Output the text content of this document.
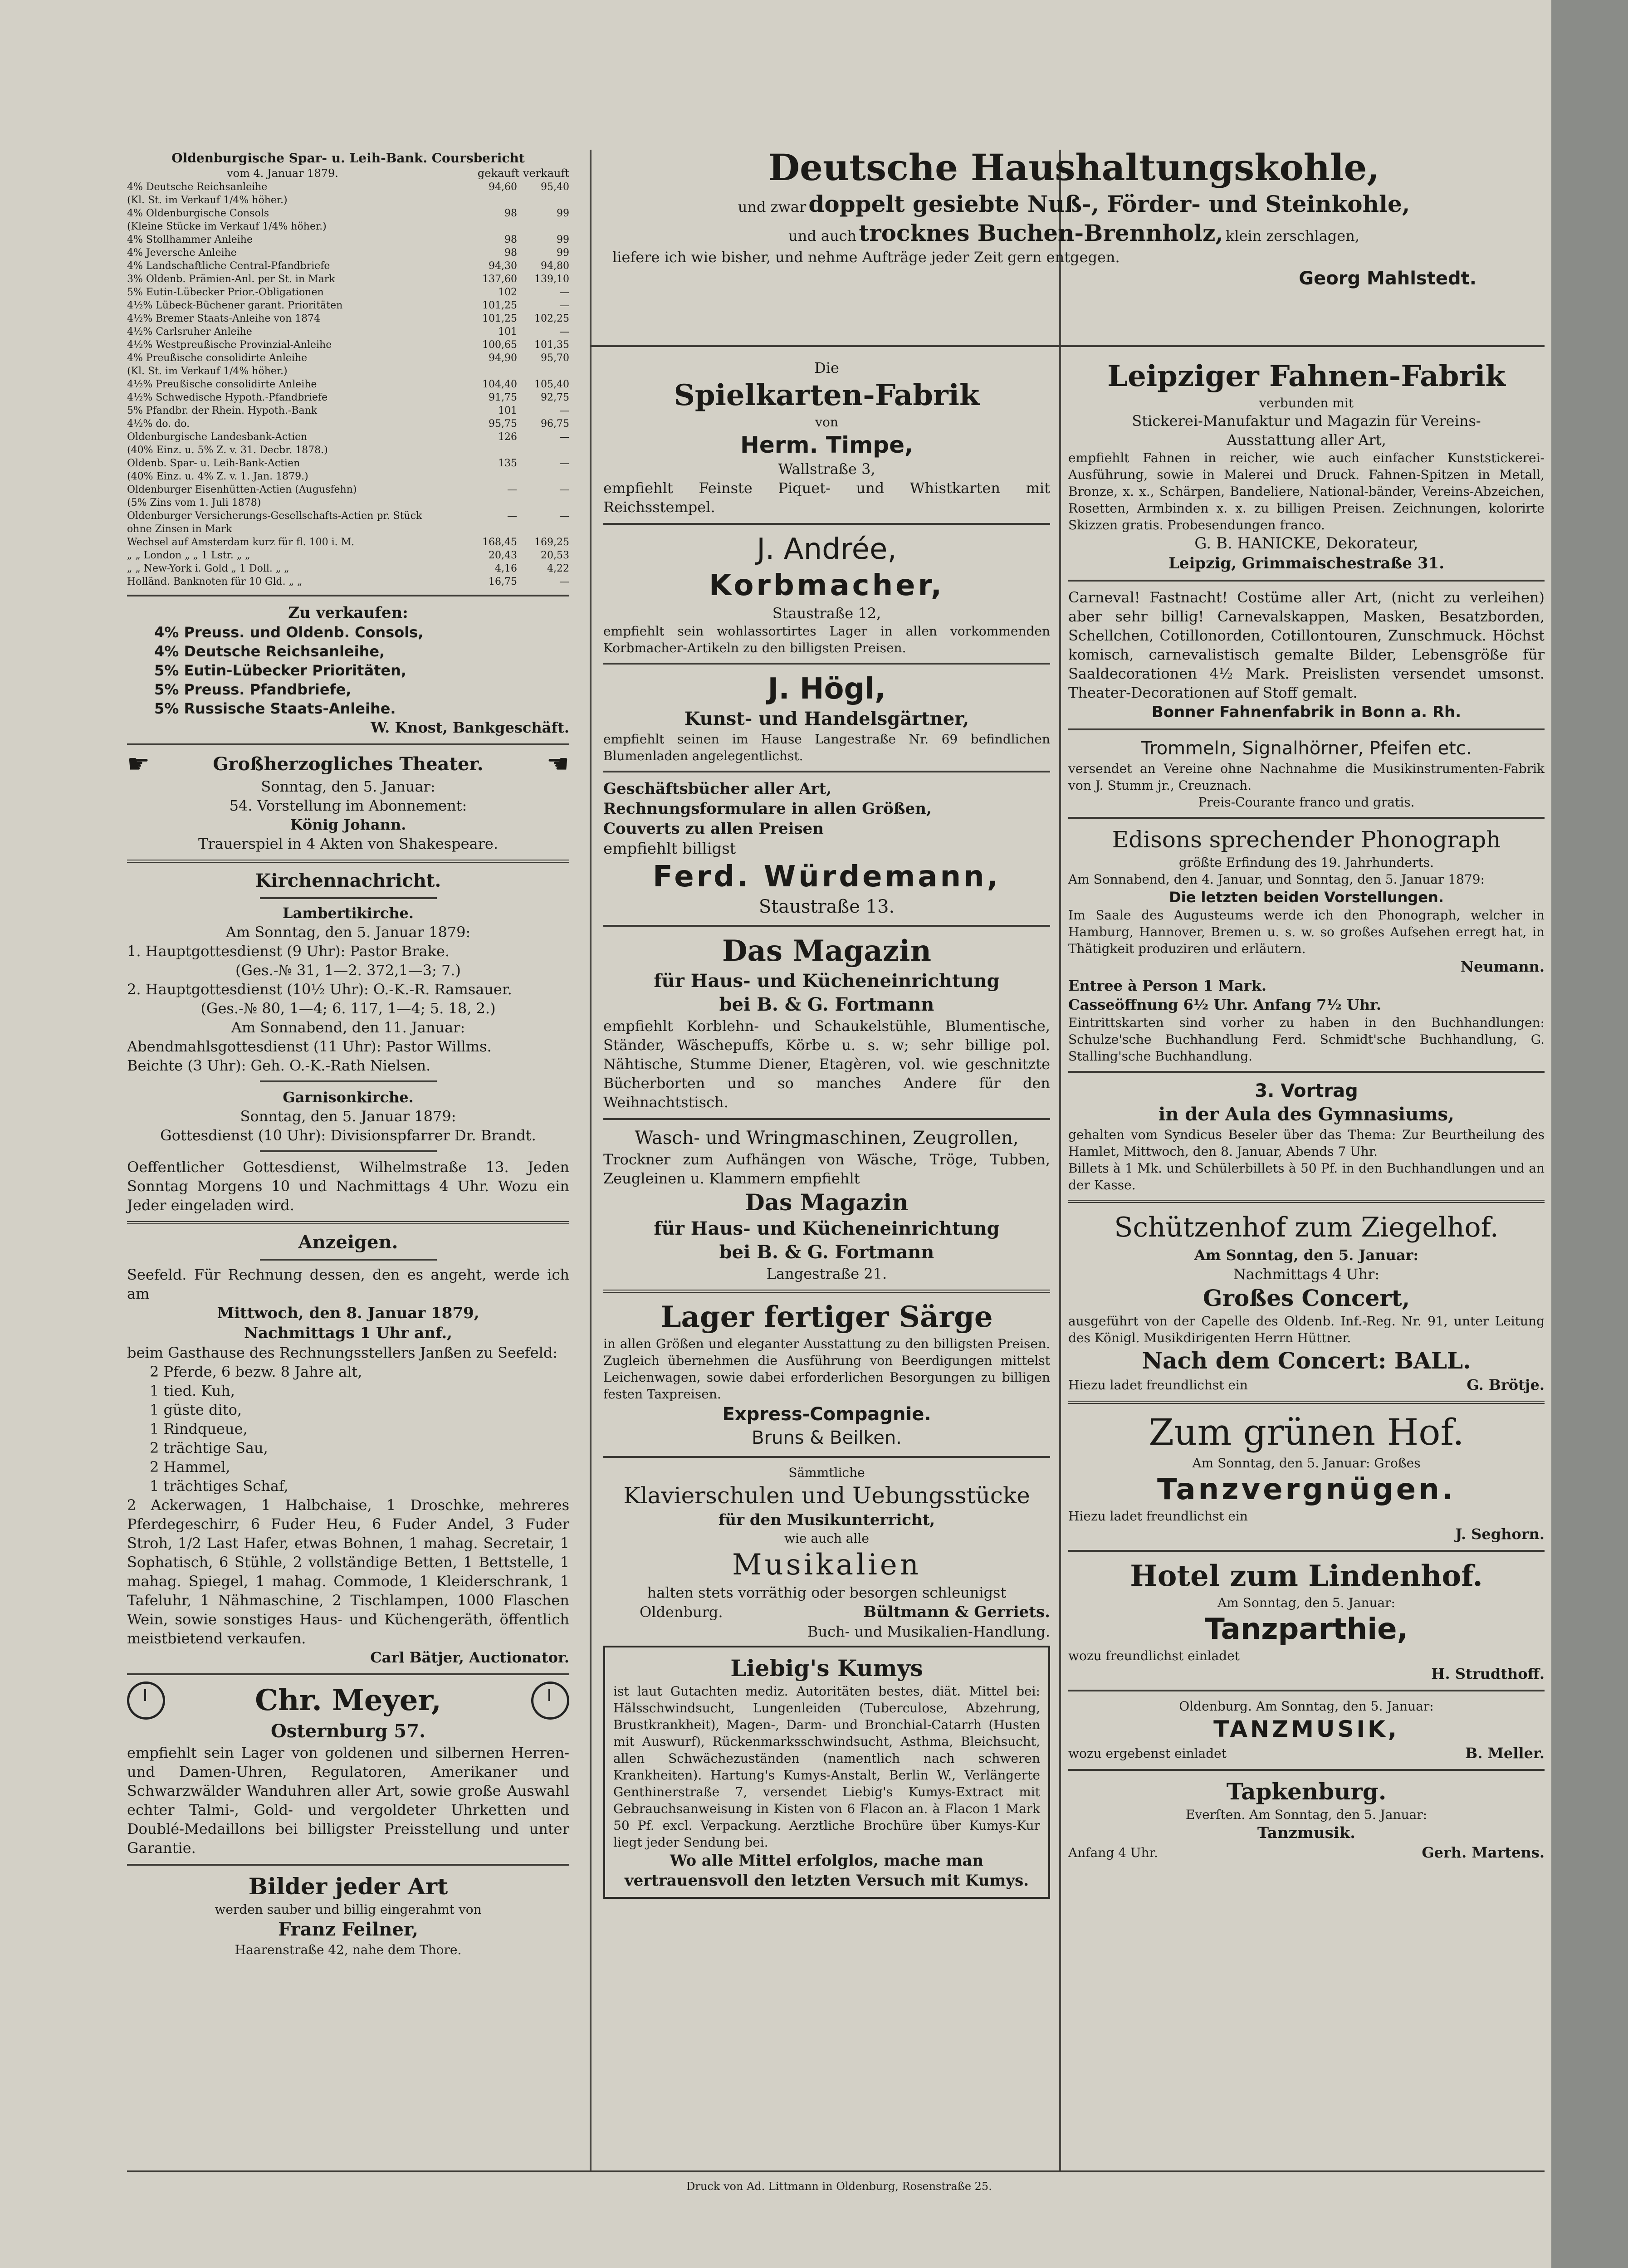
Oldenburgische Spar- u. Leih-Bank. Coursbericht

vom 4. Januar 1879.	gekauft verkauft
4% Deutsche Reichsanleihe	94,60	95,40
(Kl. St. im Verkauf 1/4% höher.)		
4% Oldenburgische Consols	98	99
(Kleine Stücke im Verkauf 1/4% höher.)		
4% Stollhammer Anleihe	98	99
4% Jeversche Anleihe	98	99
4% Landschaftliche Central-Pfandbriefe	94,30	94,80
3% Oldenb. Prämien-Anl. per St. in Mark	137,60	139,10
5% Eutin-Lübecker Prior.-Obligationen	102	—
4½% Lübeck-Büchener garant. Prioritäten	101,25	—
4½% Bremer Staats-Anleihe von 1874	101,25	102,25
4½% Carlsruher Anleihe	101	—
4½% Westpreußische Provinzial-Anleihe	100,65	101,35
4% Preußische consolidirte Anleihe	94,90	95,70
(Kl. St. im Verkauf 1/4% höher.)		
4½% Preußische consolidirte Anleihe	104,40	105,40
4½% Schwedische Hypoth.-Pfandbriefe	91,75	92,75
5% Pfandbr. der Rhein. Hypoth.-Bank	101	—
4½% do. do.	95,75	96,75
Oldenburgische Landesbank-Actien	126	—
(40% Einz. u. 5% Z. v. 31. Decbr. 1878.)		
Oldenb. Spar- u. Leih-Bank-Actien	135	—
(40% Einz. u. 4% Z. v. 1. Jan. 1879.)		
Oldenburger Eisenhütten-Actien (Augusfehn)	—	—
(5% Zins vom 1. Juli 1878)		
Oldenburger Versicherungs-Gesellschafts-Actien pr. Stück	—	—
ohne Zinsen in Mark		
Wechsel auf Amsterdam kurz für fl. 100 i. M.	168,45	169,25
„ „ London „ „ 1 Lstr. „ „	20,43	20,53
„ „ New-York i. Gold „ 1 Doll. „ „	4,16	4,22
Holländ. Banknoten für 10 Gld. „ „	16,75	—

Zu verkaufen:

4% Preuss. und Oldenb. Consols,

4% Deutsche Reichsanleihe,

5% Eutin-Lübecker Prioritäten,

5% Preuss. Pfandbriefe,

5% Russische Staats-Anleihe.

W. Knost, Bankgeschäft.

☛	Großherzogliches Theater. ☚

Sonntag, den 5. Januar:

54. Vorstellung im Abonnement:

König Johann.

Trauerspiel in 4 Akten von Shakespeare.

Kirchennachricht.

Lambertikirche.

Am Sonntag, den 5. Januar 1879:

1. Hauptgottesdienst (9 Uhr): Pastor Brake.

(Ges.-№ 31, 1—2. 372,1—3; 7.)

2. Hauptgottesdienst (10½ Uhr): O.-K.-R. Ramsauer.

(Ges.-№ 80, 1—4; 6. 117, 1—4; 5. 18, 2.)

Am Sonnabend, den 11. Januar:

Abendmahlsgottesdienst (11 Uhr): Pastor Willms.

Beichte (3 Uhr): Geh. O.-K.-Rath Nielsen.

Garnisonkirche.

Sonntag, den 5. Januar 1879:

Gottesdienst (10 Uhr): Divisionspfarrer Dr. Brandt.

Oeffentlicher Gottesdienst, Wilhelmstraße 13. Jeden Sonntag Morgens 10 und Nachmittags 4 Uhr. Wozu ein Jeder eingeladen wird.

Anzeigen.

Seefeld. Für Rechnung dessen, den es angeht, werde ich am

Mittwoch, den 8. Januar 1879,

Nachmittags 1 Uhr anf.,

beim Gasthause des Rechnungsstellers Janßen zu Seefeld:

2 Pferde, 6 bezw. 8 Jahre alt,

1 tied. Kuh,

1 güste dito,

1 Rindqueue,

2 trächtige Sau,

2 Hammel,

1 trächtiges Schaf,

2 Ackerwagen, 1 Halbchaise, 1 Droschke, mehreres Pferdegeschirr, 6 Fuder Heu, 6 Fuder Andel, 3 Fuder Stroh, 1/2 Last Hafer, etwas Bohnen, 1 mahag. Secretair, 1 Sophatisch, 6 Stühle, 2 vollständige Betten, 1 Bettstelle, 1 mahag. Spiegel, 1 mahag. Commode, 1 Kleiderschrank, 1 Tafeluhr, 1 Nähmaschine, 2 Tischlampen, 1000 Flaschen Wein, sowie sonstiges Haus- und Küchengeräth, öffentlich meistbietend verkaufen.

Carl Bätjer, Auctionator.

Chr. Meyer,

Osternburg 57.

empfiehlt sein Lager von goldenen und silbernen Herren- und Damen-Uhren, Regulatoren, Amerikaner und Schwarzwälder Wanduhren aller Art, sowie große Auswahl echter Talmi-, Gold- und vergoldeter Uhrketten und Doublé-Medaillons bei billigster Preisstellung und unter Garantie.

Bilder jeder Art

werden sauber und billig eingerahmt von

Franz Feilner,

Haarenstraße 42, nahe dem Thore.

Deutsche Haushaltungskohle,

und zwar doppelt gesiebte Nuß-, Förder- und Steinkohle,

und auch trocknes Buchen-Brennholz, klein zerschlagen,

liefere ich wie bisher, und nehme Aufträge jeder Zeit gern entgegen.

Georg Mahlstedt.

Die

Spielkarten-Fabrik

von

Herm. Timpe,

Wallstraße 3,

empfiehlt Feinste Piquet- und Whistkarten mit Reichsstempel.

J. Andrée,

Korbmacher,

Staustraße 12,

empfiehlt sein wohlassortirtes Lager in allen vorkommenden Korbmacher-Artikeln zu den billigsten Preisen.

J. Högl,

Kunst- und Handelsgärtner,

empfiehlt seinen im Hause Langestraße Nr. 69 befindlichen Blumenladen angelegentlichst.

Geschäftsbücher aller Art,

Rechnungsformulare in allen Größen,

Couverts zu allen Preisen

empfiehlt billigst

Ferd. Würdemann,

Staustraße 13.

Das Magazin

für Haus- und Kücheneinrichtung

bei B. & G. Fortmann

empfiehlt Korblehn- und Schaukelstühle, Blumentische, Ständer, Wäschepuffs, Körbe u. s. w; sehr billige pol. Nähtische, Stumme Diener, Etagèren, vol. wie geschnitzte Bücherborten und so manches Andere für den Weihnachtstisch.

Wasch- und Wringmaschinen, Zeugrollen,

Trockner zum Aufhängen von Wäsche, Tröge, Tubben, Zeugleinen u. Klammern empfiehlt

Das Magazin

für Haus- und Kücheneinrichtung

bei B. & G. Fortmann

Langestraße 21.

Lager fertiger Särge

in allen Größen und eleganter Ausstattung zu den billigsten Preisen. Zugleich übernehmen die Ausführung von Beerdigungen mittelst Leichenwagen, sowie dabei erforderlichen Besorgungen zu billigen festen Taxpreisen.

Express-Compagnie.

Bruns & Beilken.

Sämmtliche

Klavierschulen und Uebungsstücke

für den Musikunterricht,

wie auch alle

Musikalien

halten stets vorräthig oder besorgen schleunigst

Oldenburg.	Bültmann & Gerriets.

Buch- und Musikalien-Handlung.

Liebig's Kumys

ist laut Gutachten mediz. Autoritäten bestes, diät. Mittel bei: Hälsschwindsucht, Lungenleiden (Tuberculose, Abzehrung, Brustkrankheit), Magen-, Darm- und Bronchial-Catarrh (Husten mit Auswurf), Rückenmarksschwindsucht, Asthma, Bleichsucht, allen Schwächezuständen (namentlich nach schweren Krankheiten). Hartung's Kumys-Anstalt, Berlin W., Verlängerte Genthinerstraße 7, versendet Liebig's Kumys-Extract mit Gebrauchsanweisung in Kisten von 6 Flacon an. à Flacon 1 Mark 50 Pf. excl. Verpackung. Aerztliche Brochüre über Kumys-Kur liegt jeder Sendung bei.

Wo alle Mittel erfolglos, mache man vertrauensvoll den letzten Versuch mit Kumys.

Leipziger Fahnen-Fabrik

verbunden mit

Stickerei-Manufaktur und Magazin für Vereins-

Ausstattung aller Art,

empfiehlt Fahnen in reicher, wie auch einfacher Kunststickerei-Ausführung, sowie in Malerei und Druck. Fahnen-Spitzen in Metall, Bronze, x. x., Schärpen, Bandeliere, National-bänder, Vereins-Abzeichen, Rosetten, Armbinden x. x. zu billigen Preisen. Zeichnungen, kolorirte Skizzen gratis. Probesendungen franco.

G. B. HANICKE, Dekorateur,

Leipzig, Grimmaischestraße 31.

Carneval! Fastnacht! Costüme aller Art, (nicht zu verleihen) aber sehr billig! Carnevalskappen, Masken, Besatzborden, Schellchen, Cotillonorden, Cotillontouren, Zunschmuck. Höchst komisch, carnevalistisch gemalte Bilder, Lebensgröße für Saaldecorationen 4½ Mark. Preislisten versendet umsonst. Theater-Decorationen auf Stoff gemalt.

Bonner Fahnenfabrik in Bonn a. Rh.

Trommeln, Signalhörner, Pfeifen etc.

versendet an Vereine ohne Nachnahme die Musikinstrumenten-Fabrik von J. Stumm jr., Creuznach.

Preis-Courante franco und gratis.

Edisons sprechender Phonograph

größte Erfindung des 19. Jahrhunderts.

Am Sonnabend, den 4. Januar, und Sonntag, den 5. Januar 1879:

Die letzten beiden Vorstellungen.

Im Saale des Augusteums werde ich den Phonograph, welcher in Hamburg, Hannover, Bremen u. s. w. so großes Aufsehen erregt hat, in Thätigkeit produziren und erläutern.

Neumann.

Entree à Person 1 Mark.

Casseöffnung 6½ Uhr. Anfang 7½ Uhr.

Eintrittskarten sind vorher zu haben in den Buchhandlungen: Schulze'sche Buchhandlung Ferd. Schmidt'sche Buchhandlung, G. Stalling'sche Buchhandlung.

3. Vortrag

in der Aula des Gymnasiums,

gehalten vom Syndicus Beseler über das Thema: Zur Beurtheilung des Hamlet, Mittwoch, den 8. Januar, Abends 7 Uhr.

Billets à 1 Mk. und Schülerbillets à 50 Pf. in den Buchhandlungen und an der Kasse.

Schützenhof zum Ziegelhof.

Am Sonntag, den 5. Januar:

Nachmittags 4 Uhr:

Großes Concert,

ausgeführt von der Capelle des Oldenb. Inf.-Reg. Nr. 91, unter Leitung des Königl. Musikdirigenten Herrn Hüttner.

Nach dem Concert: BALL.

Hiezu ladet freundlichst ein	G. Brötje.

Zum grünen Hof.

Am Sonntag, den 5. Januar: Großes

Tanzvergnügen.

Hiezu ladet freundlichst ein

J. Seghorn.

Hotel zum Lindenhof.

Am Sonntag, den 5. Januar:

Tanzparthie,

wozu freundlichst einladet

H. Strudthoff.

Oldenburg. Am Sonntag, den 5. Januar:

TANZMUSIK,

wozu ergebenst einladet	B. Meller.

Tapkenburg.

Everſten. Am Sonntag, den 5. Januar:

Tanzmusik.

Anfang 4 Uhr.	Gerh. Martens.
Druck von Ad. Littmann in Oldenburg, Rosenstraße 25.
